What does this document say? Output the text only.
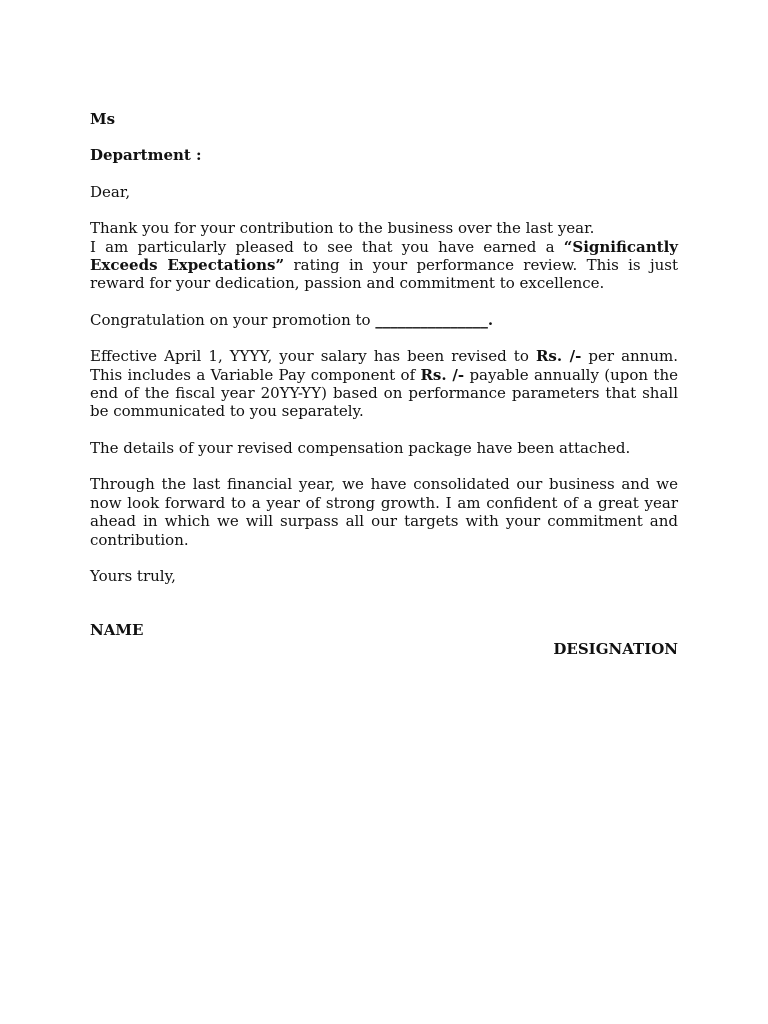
Ms

Department :

Dear,

Thank you for your contribution to the business over the last year.
I am particularly pleased to see that you have earned a “Significantly Exceeds Expectations” rating in your performance review. This is just reward for your dedication, passion and commitment to excellence.

Congratulation on your promotion to _______________.

Effective April 1, YYYY, your salary has been revised to Rs. /- per annum. This includes a Variable Pay component of Rs. /- payable annually (upon the end of the fiscal year 20YY-YY) based on performance parameters that shall be communicated to you separately.

The details of your revised compensation package have been attached.

Through the last financial year, we have consolidated our business and we now look forward to a year of strong growth. I am confident of a great year ahead in which we will surpass all our targets with your commitment and contribution.

Yours truly,

NAME

DESIGNATION
